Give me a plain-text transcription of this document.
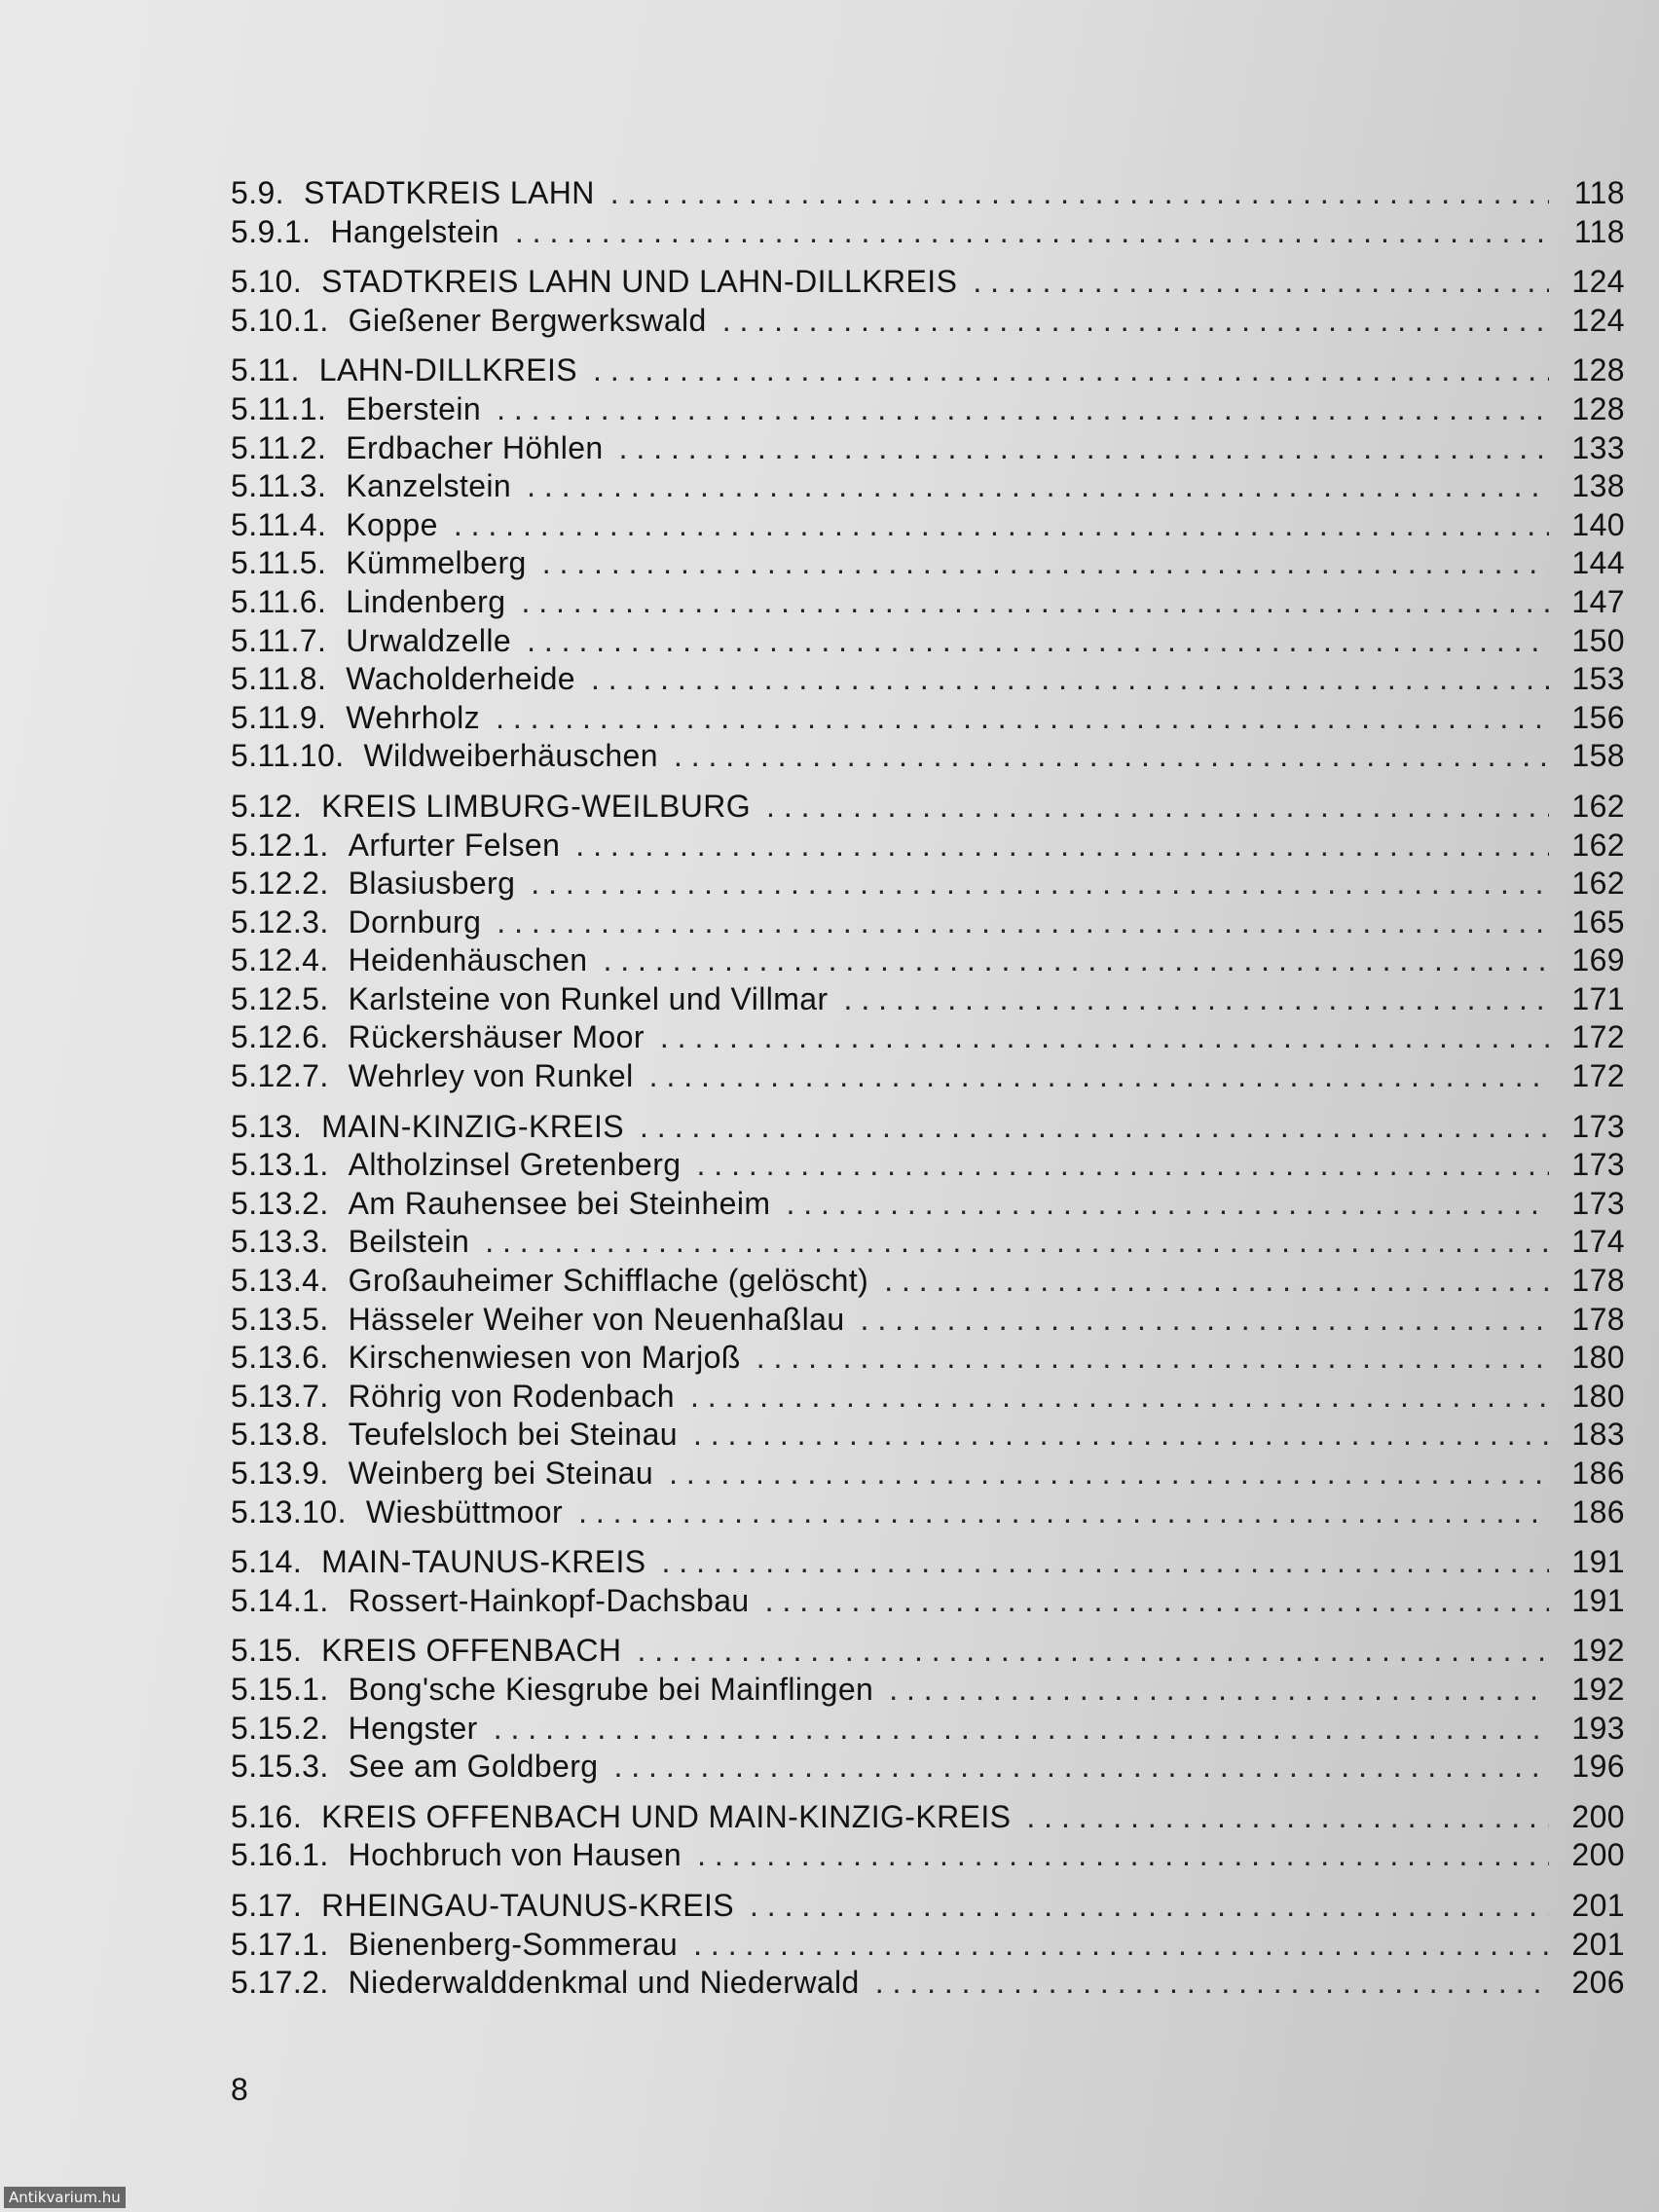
5.9. STADTKREIS LAHN . . .	118
5.9.1. Hangelstein . . .	118
5.10. STADTKREIS LAHN UND LAHN-DILLKREIS . . .	124
5.10.1. Gießener Bergwerkswald . . .	124
5.11. LAHN-DILLKREIS . . .	128
5.11.1. Eberstein . . .	128
5.11.2. Erdbacher Höhlen . . .	133
5.11.3. Kanzelstein . . .	138
5.11.4. Koppe . . .	140
5.11.5. Kümmelberg . . .	144
5.11.6. Lindenberg . . .	147
5.11.7. Urwaldzelle . . .	150
5.11.8. Wacholderheide . . .	153
5.11.9. Wehrholz . . .	156
5.11.10. Wildweiberhäuschen . . .	158
5.12. KREIS LIMBURG-WEILBURG . . .	162
5.12.1. Arfurter Felsen . . .	162
5.12.2. Blasiusberg . . .	162
5.12.3. Dornburg . . .	165
5.12.4. Heidenhäuschen . . .	169
5.12.5. Karlsteine von Runkel und Villmar . . .	171
5.12.6. Rückershäuser Moor . . .	172
5.12.7. Wehrley von Runkel . . .	172
5.13. MAIN-KINZIG-KREIS . . .	173
5.13.1. Altholzinsel Gretenberg . . .	173
5.13.2. Am Rauhensee bei Steinheim . . .	173
5.13.3. Beilstein . . .	174
5.13.4. Großauheimer Schifflache (gelöscht) . . .	178
5.13.5. Hässeler Weiher von Neuenhaßlau . . .	178
5.13.6. Kirschenwiesen von Marjoß . . .	180
5.13.7. Röhrig von Rodenbach . . .	180
5.13.8. Teufelsloch bei Steinau . . .	183
5.13.9. Weinberg bei Steinau . . .	186
5.13.10. Wiesbüttmoor . . .	186
5.14. MAIN-TAUNUS-KREIS . . .	191
5.14.1. Rossert-Hainkopf-Dachsbau . . .	191
5.15. KREIS OFFENBACH . . .	192
5.15.1. Bong'sche Kiesgrube bei Mainflingen . . .	192
5.15.2. Hengster . . .	193
5.15.3. See am Goldberg . . .	196
5.16. KREIS OFFENBACH UND MAIN-KINZIG-KREIS . . .	200
5.16.1. Hochbruch von Hausen . . .	200
5.17. RHEINGAU-TAUNUS-KREIS . . .	201
5.17.1. Bienenberg-Sommerau . . .	201
5.17.2. Niederwalddenkmal und Niederwald . . .	206
8
Antikvarium.hu
